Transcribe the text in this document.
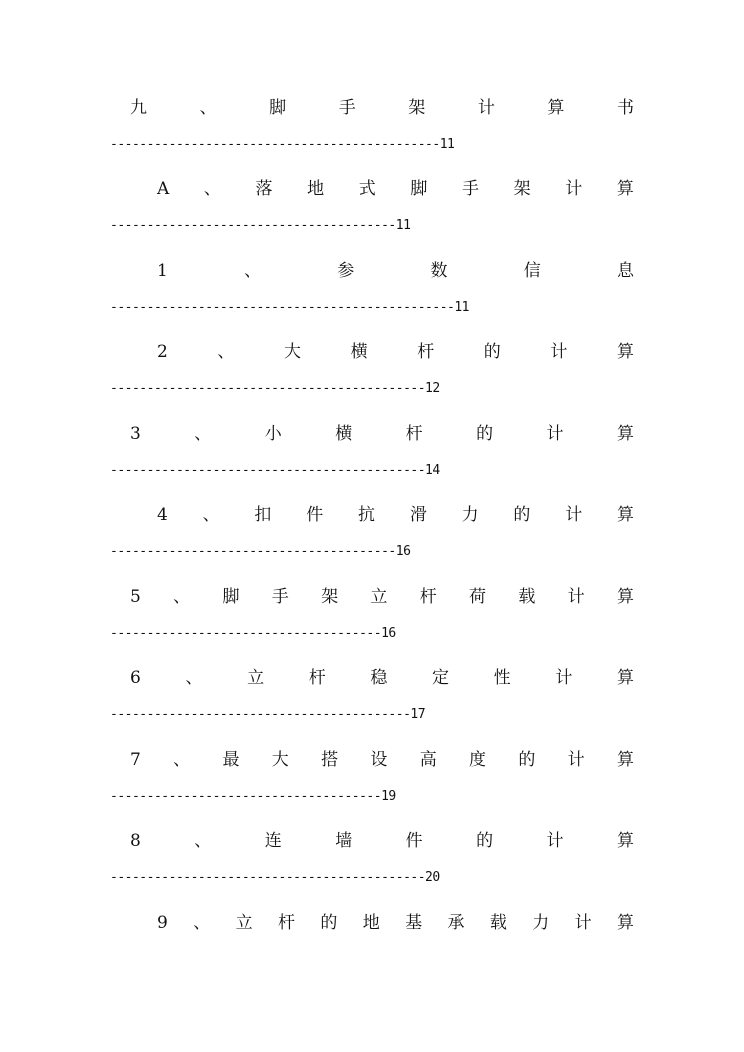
九	、	脚	手	架	计	算	书
---------------------------------------------11
A 、 落 地 式 脚 手 架 计 算
---------------------------------------11
1	、	参	数	信	息
-----------------------------------------------11
2	、	大	横	杆	的	计	算
-------------------------------------------12
3	、	小	横	杆	的	计	算
-------------------------------------------14
4 、 扣 件 抗 滑 力 的 计 算
---------------------------------------16
5 、 脚 手 架 立 杆 荷 载 计 算
-------------------------------------16
6	、	立	杆	稳	定	性	计	算
-----------------------------------------17
7 、 最 大 搭 设 高 度 的 计 算
-------------------------------------19
8	、	连	墙	件	的	计	算
-------------------------------------------20
9 、 立 杆 的 地 基 承 载 力 计 算
